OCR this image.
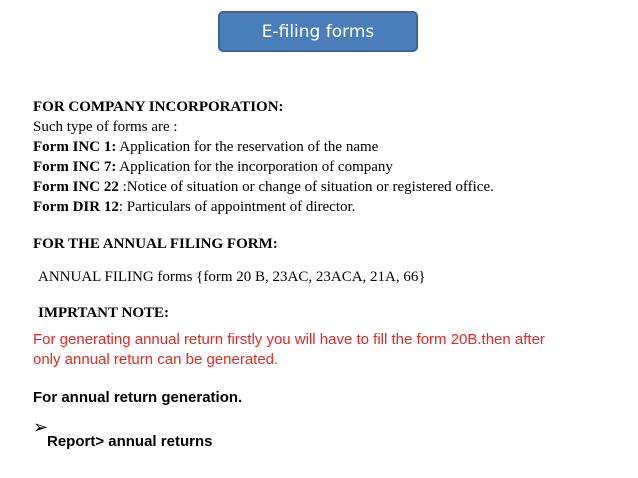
E-filing forms
FOR COMPANY INCORPORATION:
Such type of forms are :
Form INC 1: Application for the reservation of the name
Form INC 7: Application for the incorporation of company
Form INC 22 :Notice of situation or change of situation or registered office.
Form DIR 12: Particulars of appointment of director.
FOR THE ANNUAL FILING FORM:
ANNUAL FILING forms {form 20 B, 23AC, 23ACA, 21A, 66}
IMPRTANT NOTE:
For generating annual return firstly you will have to fill the form 20B.then after
only annual return can be generated.
For annual return generation.
➢
Report> annual returns
